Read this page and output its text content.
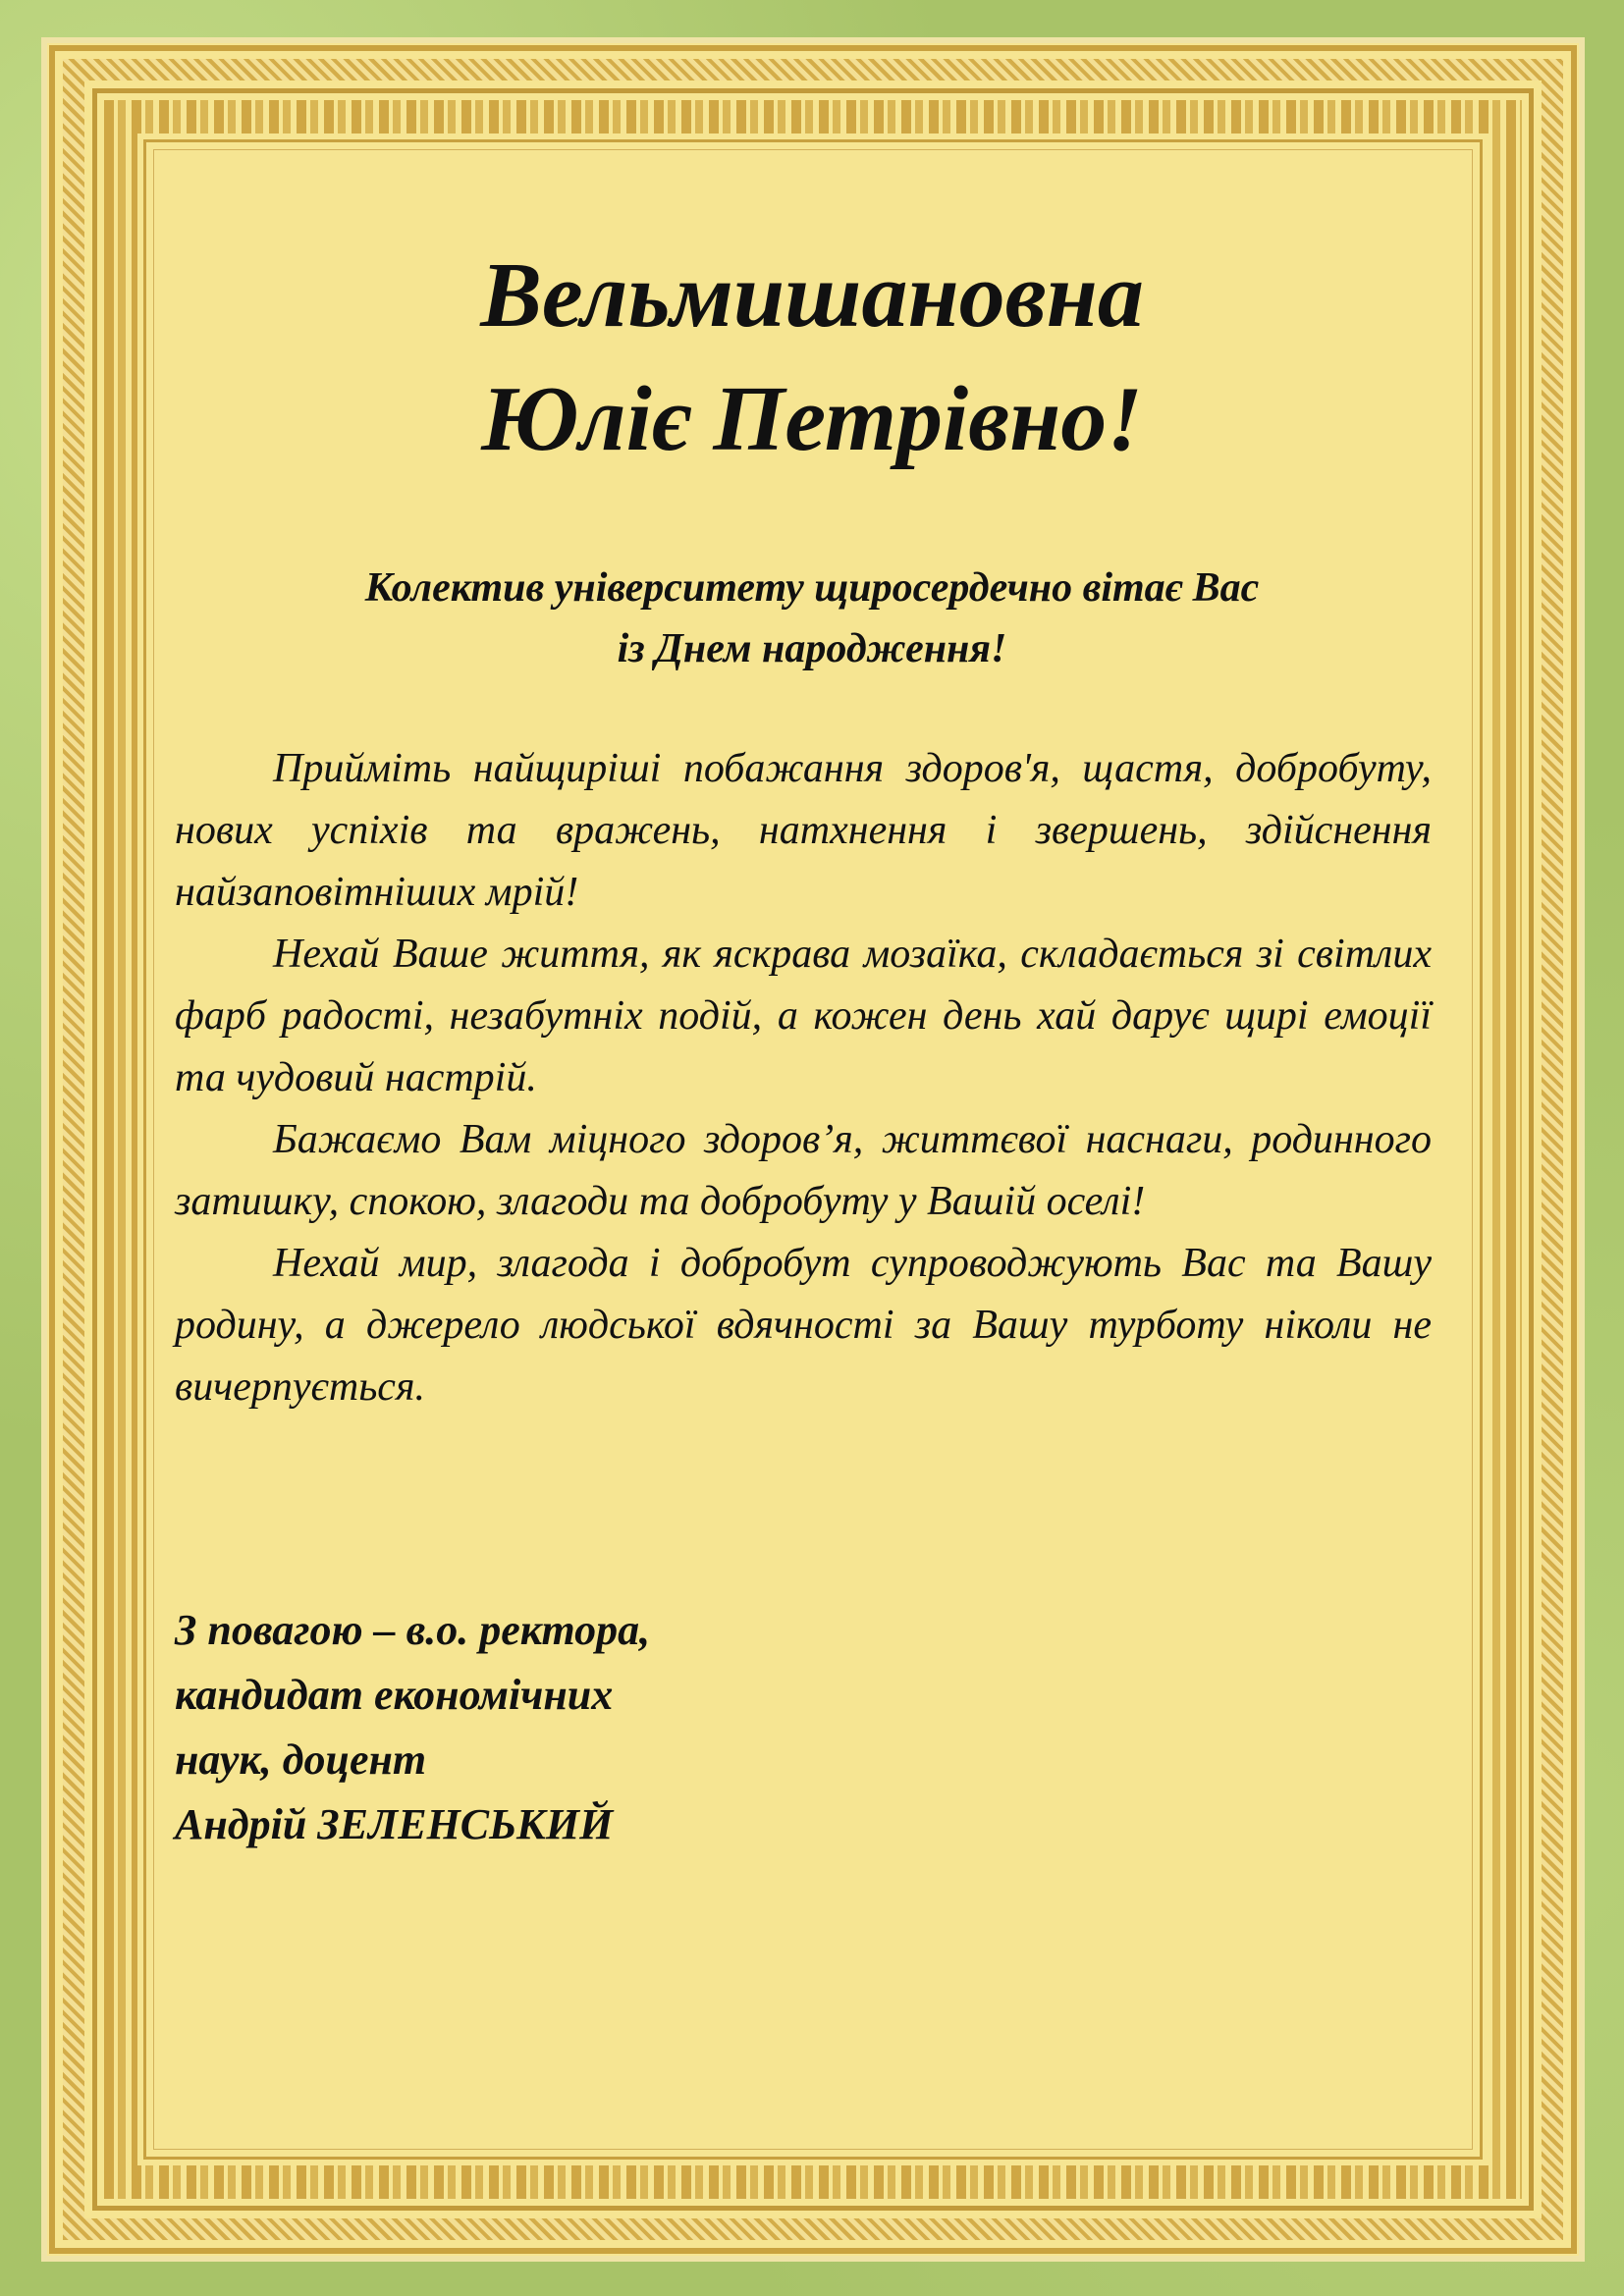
Вельмишановна
Юліє Петрівно!
Колектив університету щиросердечно вітає Вас
із Днем народження!

Прийміть найщиріші побажання здоров'я, щастя, добробуту, нових успіхів та вражень, натхнення і звершень, здійснення найзаповітніших мрій!

Нехай Ваше життя, як яскрава мозаїка, складається зі світлих фарб радості, незабутніх подій, а кожен день хай дарує щирі емоції та чудовий настрій.

Бажаємо Вам міцного здоров’я, життєвої наснаги, родинного затишку, спокою, злагоди та добробуту у Вашій оселі!

Нехай мир, злагода і добробут супроводжують Вас та Вашу родину, а джерело людської вдячності за Вашу турботу ніколи не вичерпується.

З повагою – в.о. ректора,
кандидат економічних
наук, доцент
Андрій ЗЕЛЕНСЬКИЙ
